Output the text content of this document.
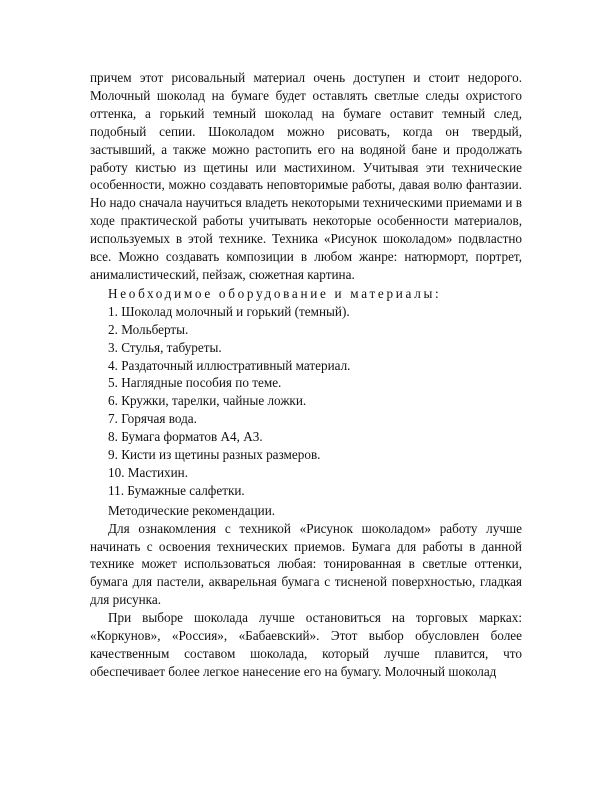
причем этот рисовальный материал очень доступен и стоит недорого. Молочный шоколад на бумаге будет оставлять светлые следы охристого оттенка, а горький темный шоколад на бумаге оставит темный след, подобный сепии. Шоколадом можно рисовать, когда он твердый, застывший, а также можно растопить его на водяной бане и продолжать работу кистью из щетины или мастихином. Учитывая эти технические особенности, можно создавать неповторимые работы, давая волю фантазии. Но надо сначала научиться владеть некоторыми техническими приемами и в ходе практической работы учитывать некоторые особенности материалов, используемых в этой технике. Техника «Рисунок шоколадом» подвластно все. Можно создавать композиции в любом жанре: натюрморт, портрет, анималистический, пейзаж, сюжетная картина.

Необходимое оборудование и материалы:

1. Шоколад молочный и горький (темный).
2. Мольберты.
3. Стулья, табуреты.
4. Раздаточный иллюстративный материал.
5. Наглядные пособия по теме.
6. Кружки, тарелки, чайные ложки.
7. Горячая вода.
8. Бумага форматов А4, А3.
9. Кисти из щетины разных размеров.
10. Мастихин.
11. Бумажные салфетки.

Методические рекомендации.

Для ознакомления с техникой «Рисунок шоколадом» работу лучше начинать с освоения технических приемов. Бумага для работы в данной технике может использоваться любая: тонированная в светлые оттенки, бумага для пастели, акварельная бумага с тисненой поверхностью, гладкая для рисунка.

При выборе шоколада лучше остановиться на торговых марках: «Коркунов», «Россия», «Бабаевский». Этот выбор обусловлен более качественным составом шоколада, который лучше плавится, что обеспечивает более легкое нанесение его на бумагу. Молочный шоколад
